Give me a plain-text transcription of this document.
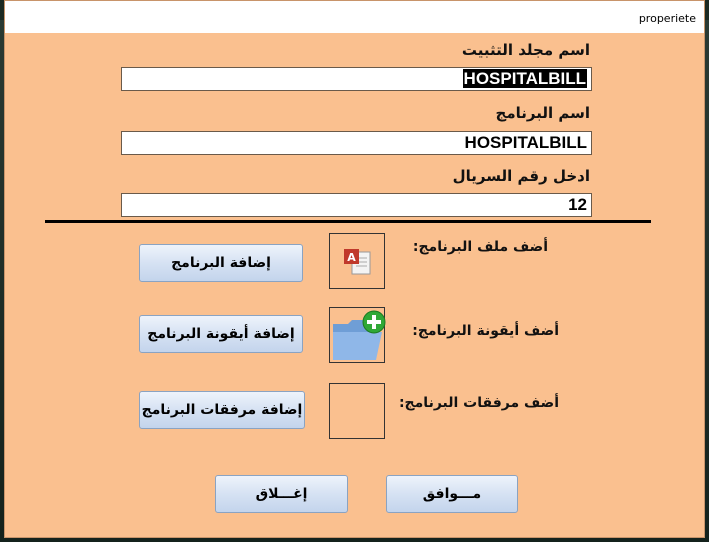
properiete
اسم مجلد التثبيت
HOSPITALBILL
اسم البرنامج
HOSPITALBILL
ادخل رقم السريال
12
أضف ملف البرنامج:
A
إضافة البرنامج
أضف أيقونة البرنامج:
إضافة أيقونة البرنامج
أضف مرفقات البرنامج:
إضافة مرفقات البرنامج
مـــوافق
إغـــلاق
